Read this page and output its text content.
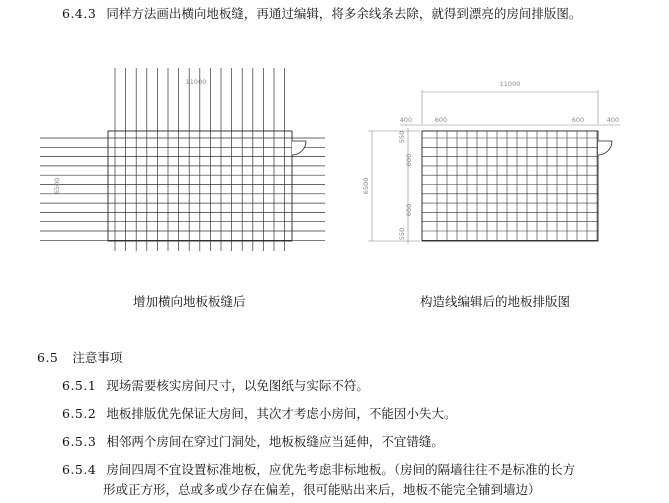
6.4.3 同样方法画出横向地板缝，再通过编辑，将多余线条去除，就得到漂亮的房间排版图。
11000
6500
11000
400	600	600	400
6500
550
600
600
550
增加横向地板板缝后	构造线编辑后的地板排版图
6.5 注意事项
6.5.1 现场需要核实房间尺寸，以免图纸与实际不符。
6.5.2 地板排版优先保证大房间，其次才考虑小房间，不能因小失大。
6.5.3 相邻两个房间在穿过门洞处，地板板缝应当延伸，不宜错缝。
6.5.4 房间四周不宜设置标准地板，应优先考虑非标地板。（房间的隔墙往往不是标准的长方
形或正方形，总或多或少存在偏差，很可能贴出来后，地板不能完全铺到墙边）
